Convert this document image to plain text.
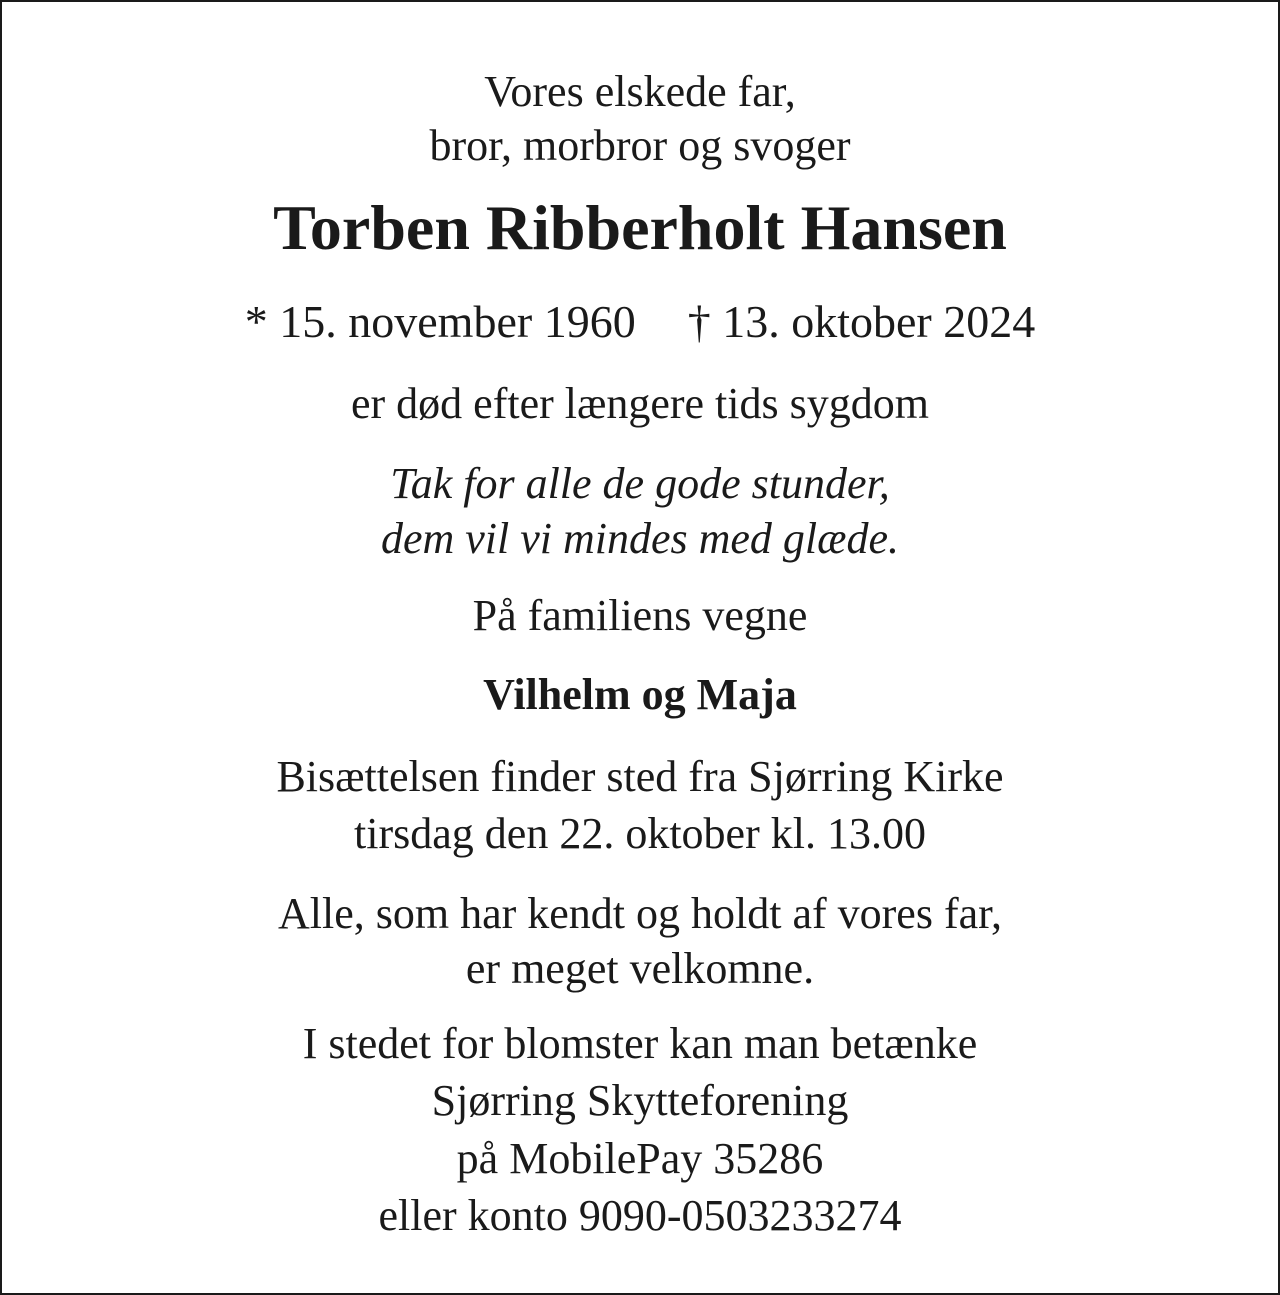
Vores elskede far,
bror, morbror og svoger
Torben Ribberholt Hansen
* 15. november 1960 † 13. oktober 2024
er død efter længere tids sygdom
Tak for alle de gode stunder,
dem vil vi mindes med glæde.
På familiens vegne
Vilhelm og Maja
Bisættelsen finder sted fra Sjørring Kirke
tirsdag den 22. oktober kl. 13.00
Alle, som har kendt og holdt af vores far,
er meget velkomne.
I stedet for blomster kan man betænke
Sjørring Skytteforening
på MobilePay 35286
eller konto 9090-0503233274
